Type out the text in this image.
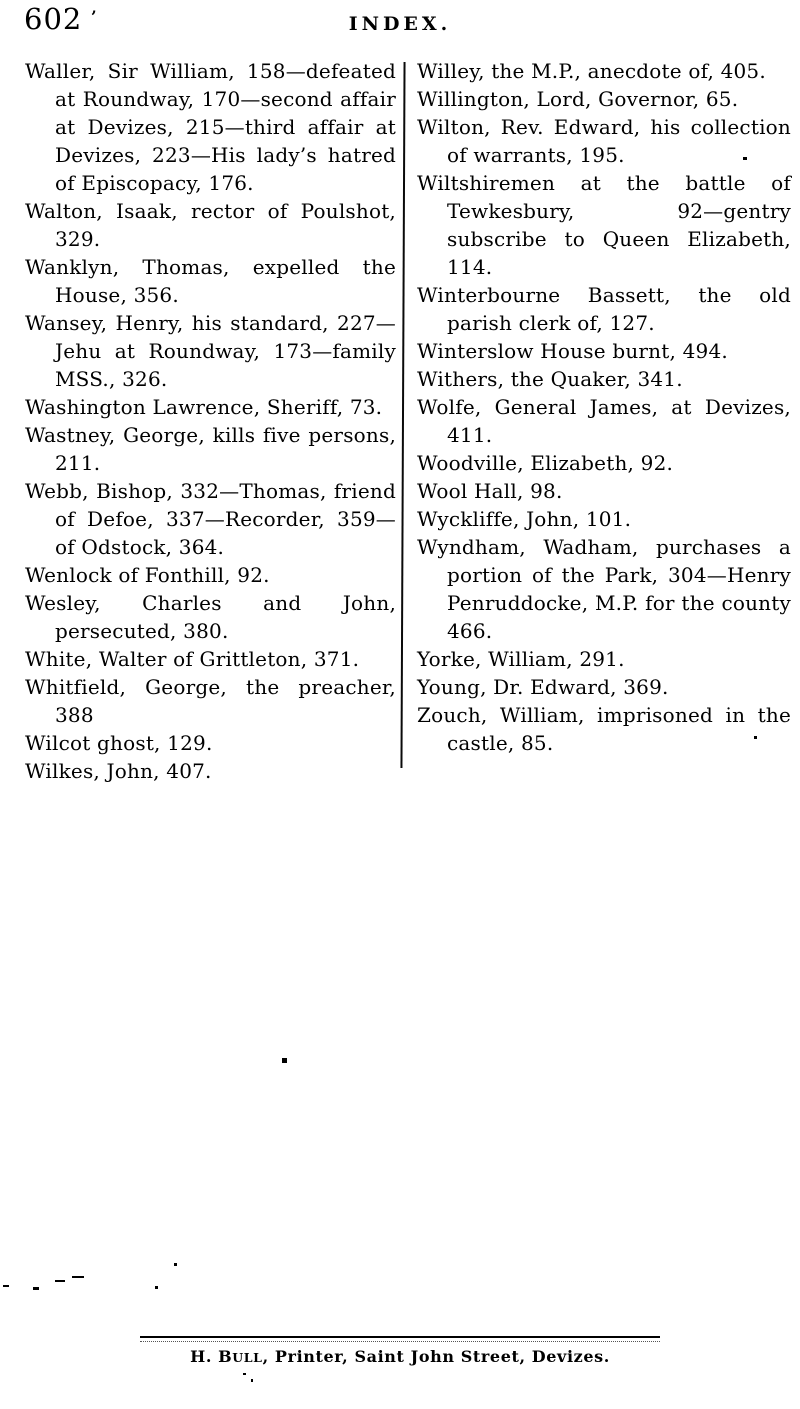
602 ’	INDEX.
Waller, Sir William, 158—defeated at Roundway, 170—second affair at Devizes, 215—third affair at Devizes, 223—His lady’s hatred of Episcopacy, 176.
Walton, Isaak, rector of Poulshot, 329.
Wanklyn, Thomas, expelled the House, 356.
Wansey, Henry, his standard, 227—Jehu at Roundway, 173—family MSS., 326.
Washington Lawrence, Sheriff, 73.
Wastney, George, kills five persons, 211.
Webb, Bishop, 332—Thomas, friend of Defoe, 337—Recorder, 359—of Odstock, 364.
Wenlock of Fonthill, 92.
Wesley, Charles and John, persecuted, 380.
White, Walter of Grittleton, 371.
Whitfield, George, the preacher, 388
Wilcot ghost, 129.
Wilkes, John, 407.
Willey, the M.P., anecdote of, 405.
Willington, Lord, Governor, 65.
Wilton, Rev. Edward, his collection of warrants, 195.
Wiltshiremen at the battle of Tewkesbury, 92—gentry subscribe to Queen Elizabeth, 114.
Winterbourne Bassett, the old parish clerk of, 127.
Winterslow House burnt, 494.
Withers, the Quaker, 341.
Wolfe, General James, at Devizes, 411.
Woodville, Elizabeth, 92.
Wool Hall, 98.
Wyckliffe, John, 101.
Wyndham, Wadham, purchases a portion of the Park, 304—Henry Penruddocke, M.P. for the county 466.
Yorke, William, 291.
Young, Dr. Edward, 369.
Zouch, William, imprisoned in the castle, 85.
H. BULL, Printer, Saint John Street, Devizes.
